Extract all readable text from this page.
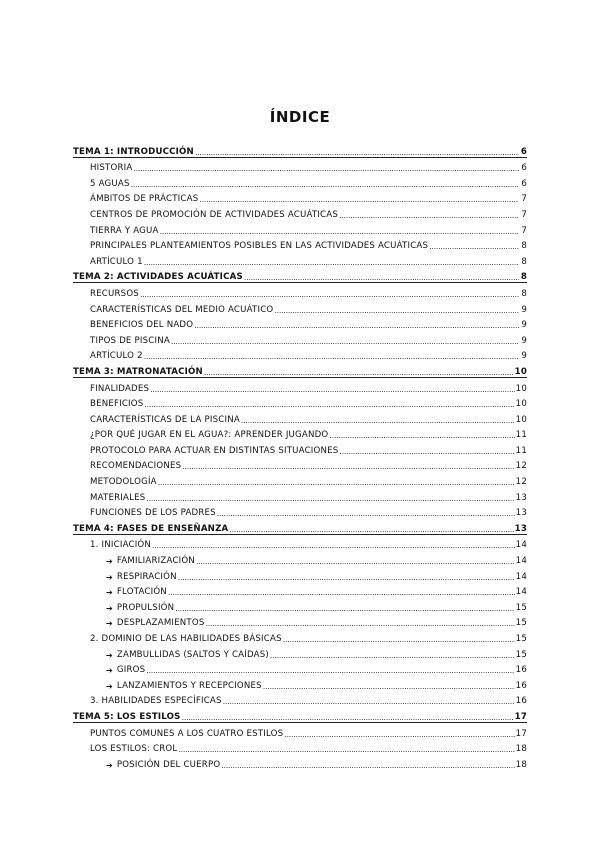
ÍNDICE
TEMA 1: INTRODUCCIÓN .....	6
HISTORIA .....	6
5 AGUAS .....	6
ÁMBITOS DE PRÁCTICAS .....	7
CENTROS DE PROMOCIÓN DE ACTIVIDADES ACUÁTICAS .....	7
TIERRA Y AGUA .....	7
PRINCIPALES PLANTEAMIENTOS POSIBLES EN LAS ACTIVIDADES ACUÁTICAS .....	8
ARTÍCULO 1 .....	8
TEMA 2: ACTIVIDADES ACUÁTICAS .....	8
RECURSOS .....	8
CARACTERÍSTICAS DEL MEDIO ACUÁTICO .....	9
BENEFICIOS DEL NADO .....	9
TIPOS DE PISCINA .....	9
ARTÍCULO 2 .....	9
TEMA 3: MATRONATACIÓN .....	10
FINALIDADES .....	10
BENEFICIOS .....	10
CARACTERÍSTICAS DE LA PISCINA .....	10
¿POR QUÉ JUGAR EN EL AGUA?: APRENDER JUGANDO .....	11
PROTOCOLO PARA ACTUAR EN DISTINTAS SITUACIONES .....	11
RECOMENDACIONES .....	12
METODOLOGÍA .....	12
MATERIALES .....	13
FUNCIONES DE LOS PADRES .....	13
TEMA 4: FASES DE ENSEÑANZA .....	13
1. INICIACIÓN .....	14
➔ FAMILIARIZACIÓN .....	14
➔ RESPIRACIÓN .....	14
➔ FLOTACIÓN .....	14
➔ PROPULSIÓN .....	15
➔ DESPLAZAMIENTOS .....	15
2. DOMINIO DE LAS HABILIDADES BÁSICAS .....	15
➔ ZAMBULLIDAS (SALTOS Y CAÍDAS) .....	15
➔ GIROS .....	16
➔ LANZAMIENTOS Y RECEPCIONES .....	16
3. HABILIDADES ESPECÍFICAS .....	16
TEMA 5: LOS ESTILOS .....	17
PUNTOS COMUNES A LOS CUATRO ESTILOS .....	17
LOS ESTILOS: CROL .....	18
➔ POSICIÓN DEL CUERPO .....	18
